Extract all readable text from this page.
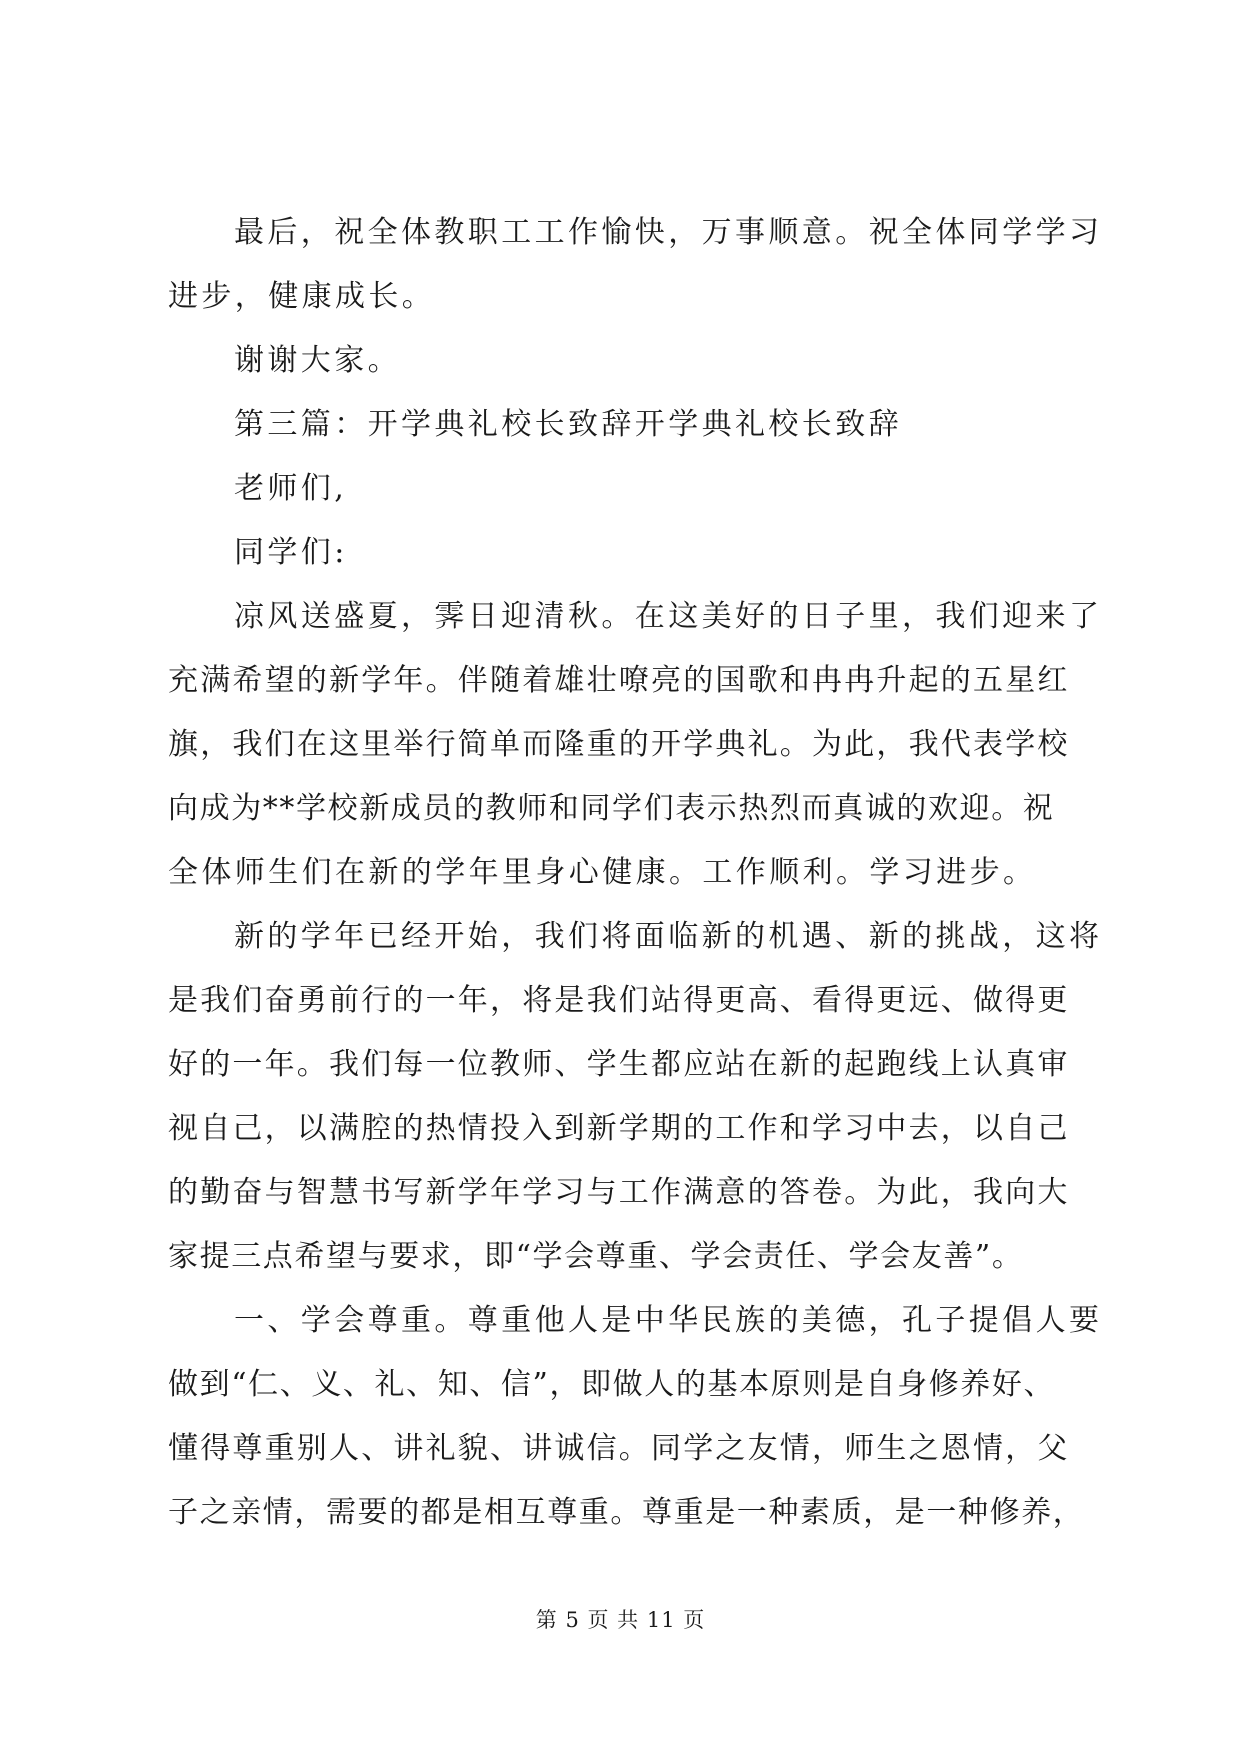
最后，祝全体教职工工作愉快，万事顺意。祝全体同学学习

进步，健康成长。

谢谢大家。

第三篇：开学典礼校长致辞开学典礼校长致辞

老师们,

同学们:

凉风送盛夏，霁日迎清秋。在这美好的日子里，我们迎来了

充满希望的新学年。伴随着雄壮嘹亮的国歌和冉冉升起的五星红

旗，我们在这里举行简单而隆重的开学典礼。为此，我代表学校

向成为**学校新成员的教师和同学们表示热烈而真诚的欢迎。祝

全体师生们在新的学年里身心健康。工作顺利。学习进步。

新的学年已经开始，我们将面临新的机遇、新的挑战，这将

是我们奋勇前行的一年，将是我们站得更高、看得更远、做得更

好的一年。我们每一位教师、学生都应站在新的起跑线上认真审

视自己，以满腔的热情投入到新学期的工作和学习中去，以自己

的勤奋与智慧书写新学年学习与工作满意的答卷。为此，我向大

家提三点希望与要求，即“学会尊重、学会责任、学会友善”。

一、学会尊重。尊重他人是中华民族的美德，孔子提倡人要

做到“仁、义、礼、知、信”，即做人的基本原则是自身修养好、

懂得尊重别人、讲礼貌、讲诚信。同学之友情，师生之恩情，父

子之亲情，需要的都是相互尊重。尊重是一种素质，是一种修养，

第 5 页 共 11 页
